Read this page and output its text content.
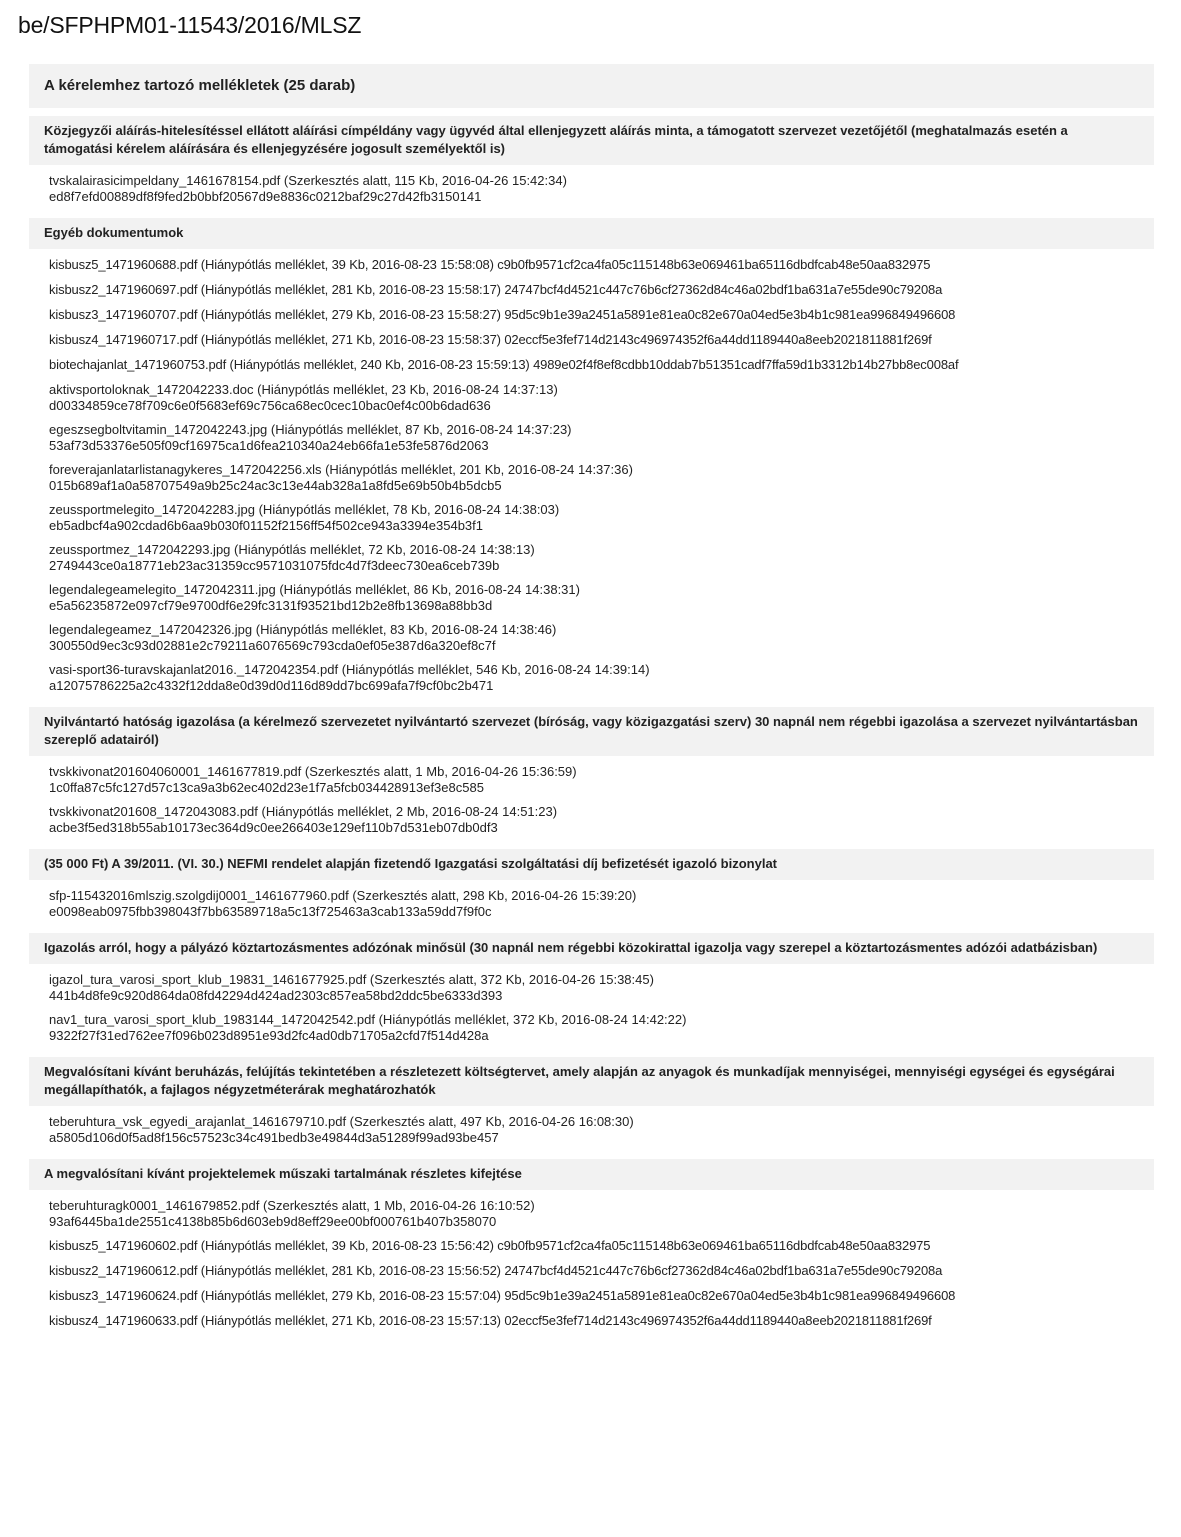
be/SFPHPM01-11543/2016/MLSZ
A kérelemhez tartozó mellékletek (25 darab)
Közjegyzői aláírás-hitelesítéssel ellátott aláírási címpéldány vagy ügyvéd által ellenjegyzett aláírás minta, a támogatott szervezet vezetőjétől (meghatalmazás esetén a támogatási kérelem aláírására és ellenjegyzésére jogosult személyektől is)
tvskalairasicimpeldany_1461678154.pdf (Szerkesztés alatt, 115 Kb, 2016-04-26 15:42:34)
ed8f7efd00889df8f9fed2b0bbf20567d9e8836c0212baf29c27d42fb3150141
Egyéb dokumentumok
kisbusz5_1471960688.pdf (Hiánypótlás melléklet, 39 Kb, 2016-08-23 15:58:08) c9b0fb9571cf2ca4fa05c115148b63e069461ba65116dbdfcab48e50aa832975
kisbusz2_1471960697.pdf (Hiánypótlás melléklet, 281 Kb, 2016-08-23 15:58:17) 24747bcf4d4521c447c76b6cf27362d84c46a02bdf1ba631a7e55de90c79208a
kisbusz3_1471960707.pdf (Hiánypótlás melléklet, 279 Kb, 2016-08-23 15:58:27) 95d5c9b1e39a2451a5891e81ea0c82e670a04ed5e3b4b1c981ea996849496608
kisbusz4_1471960717.pdf (Hiánypótlás melléklet, 271 Kb, 2016-08-23 15:58:37) 02eccf5e3fef714d2143c496974352f6a44dd1189440a8eeb2021811881f269f
biotechajanlat_1471960753.pdf (Hiánypótlás melléklet, 240 Kb, 2016-08-23 15:59:13) 4989e02f4f8ef8cdbb10ddab7b51351cadf7ffa59d1b3312b14b27bb8ec008af
aktivsportoloknak_1472042233.doc (Hiánypótlás melléklet, 23 Kb, 2016-08-24 14:37:13)
d00334859ce78f709c6e0f5683ef69c756ca68ec0cec10bac0ef4c00b6dad636
egeszsegboltvitamin_1472042243.jpg (Hiánypótlás melléklet, 87 Kb, 2016-08-24 14:37:23)
53af73d53376e505f09cf16975ca1d6fea210340a24eb66fa1e53fe5876d2063
foreverajanlatarlistanagykeres_1472042256.xls (Hiánypótlás melléklet, 201 Kb, 2016-08-24 14:37:36)
015b689af1a0a58707549a9b25c24ac3c13e44ab328a1a8fd5e69b50b4b5dcb5
zeussportmelegito_1472042283.jpg (Hiánypótlás melléklet, 78 Kb, 2016-08-24 14:38:03)
eb5adbcf4a902cdad6b6aa9b030f01152f2156ff54f502ce943a3394e354b3f1
zeussportmez_1472042293.jpg (Hiánypótlás melléklet, 72 Kb, 2016-08-24 14:38:13)
2749443ce0a18771eb23ac31359cc9571031075fdc4d7f3deec730ea6ceb739b
legendalegeamelegito_1472042311.jpg (Hiánypótlás melléklet, 86 Kb, 2016-08-24 14:38:31)
e5a56235872e097cf79e9700df6e29fc3131f93521bd12b2e8fb13698a88bb3d
legendalegeamez_1472042326.jpg (Hiánypótlás melléklet, 83 Kb, 2016-08-24 14:38:46)
300550d9ec3c93d02881e2c79211a6076569c793cda0ef05e387d6a320ef8c7f
vasi-sport36-turavskajanlat2016._1472042354.pdf (Hiánypótlás melléklet, 546 Kb, 2016-08-24 14:39:14)
a12075786225a2c4332f12dda8e0d39d0d116d89dd7bc699afa7f9cf0bc2b471
Nyilvántartó hatóság igazolása (a kérelmező szervezetet nyilvántartó szervezet (bíróság, vagy közigazgatási szerv) 30 napnál nem régebbi igazolása a szervezet nyilvántartásban szereplő adatairól)
tvskkivonat201604060001_1461677819.pdf (Szerkesztés alatt, 1 Mb, 2016-04-26 15:36:59)
1c0ffa87c5fc127d57c13ca9a3b62ec402d23e1f7a5fcb034428913ef3e8c585
tvskkivonat201608_1472043083.pdf (Hiánypótlás melléklet, 2 Mb, 2016-08-24 14:51:23)
acbe3f5ed318b55ab10173ec364d9c0ee266403e129ef110b7d531eb07db0df3
(35 000 Ft) A 39/2011. (VI. 30.) NEFMI rendelet alapján fizetendő Igazgatási szolgáltatási díj befizetését igazoló bizonylat
sfp-115432016mlszig.szolgdij0001_1461677960.pdf (Szerkesztés alatt, 298 Kb, 2016-04-26 15:39:20)
e0098eab0975fbb398043f7bb63589718a5c13f725463a3cab133a59dd7f9f0c
Igazolás arról, hogy a pályázó köztartozásmentes adózónak minősül (30 napnál nem régebbi közokirattal igazolja vagy szerepel a köztartozásmentes adózói adatbázisban)
igazol_tura_varosi_sport_klub_19831_1461677925.pdf (Szerkesztés alatt, 372 Kb, 2016-04-26 15:38:45)
441b4d8fe9c920d864da08fd42294d424ad2303c857ea58bd2ddc5be6333d393
nav1_tura_varosi_sport_klub_1983144_1472042542.pdf (Hiánypótlás melléklet, 372 Kb, 2016-08-24 14:42:22)
9322f27f31ed762ee7f096b023d8951e93d2fc4ad0db71705a2cfd7f514d428a
Megvalósítani kívánt beruházás, felújítás tekintetében a részletezett költségtervet, amely alapján az anyagok és munkadíjak mennyiségei, mennyiségi egységei és egységárai megállapíthatók, a fajlagos négyzetméterárak meghatározhatók
teberuhtura_vsk_egyedi_arajanlat_1461679710.pdf (Szerkesztés alatt, 497 Kb, 2016-04-26 16:08:30)
a5805d106d0f5ad8f156c57523c34c491bedb3e49844d3a51289f99ad93be457
A megvalósítani kívánt projektelemek műszaki tartalmának részletes kifejtése
teberuhturagk0001_1461679852.pdf (Szerkesztés alatt, 1 Mb, 2016-04-26 16:10:52)
93af6445ba1de2551c4138b85b6d603eb9d8eff29ee00bf000761b407b358070
kisbusz5_1471960602.pdf (Hiánypótlás melléklet, 39 Kb, 2016-08-23 15:56:42) c9b0fb9571cf2ca4fa05c115148b63e069461ba65116dbdfcab48e50aa832975
kisbusz2_1471960612.pdf (Hiánypótlás melléklet, 281 Kb, 2016-08-23 15:56:52) 24747bcf4d4521c447c76b6cf27362d84c46a02bdf1ba631a7e55de90c79208a
kisbusz3_1471960624.pdf (Hiánypótlás melléklet, 279 Kb, 2016-08-23 15:57:04) 95d5c9b1e39a2451a5891e81ea0c82e670a04ed5e3b4b1c981ea996849496608
kisbusz4_1471960633.pdf (Hiánypótlás melléklet, 271 Kb, 2016-08-23 15:57:13) 02eccf5e3fef714d2143c496974352f6a44dd1189440a8eeb2021811881f269f
